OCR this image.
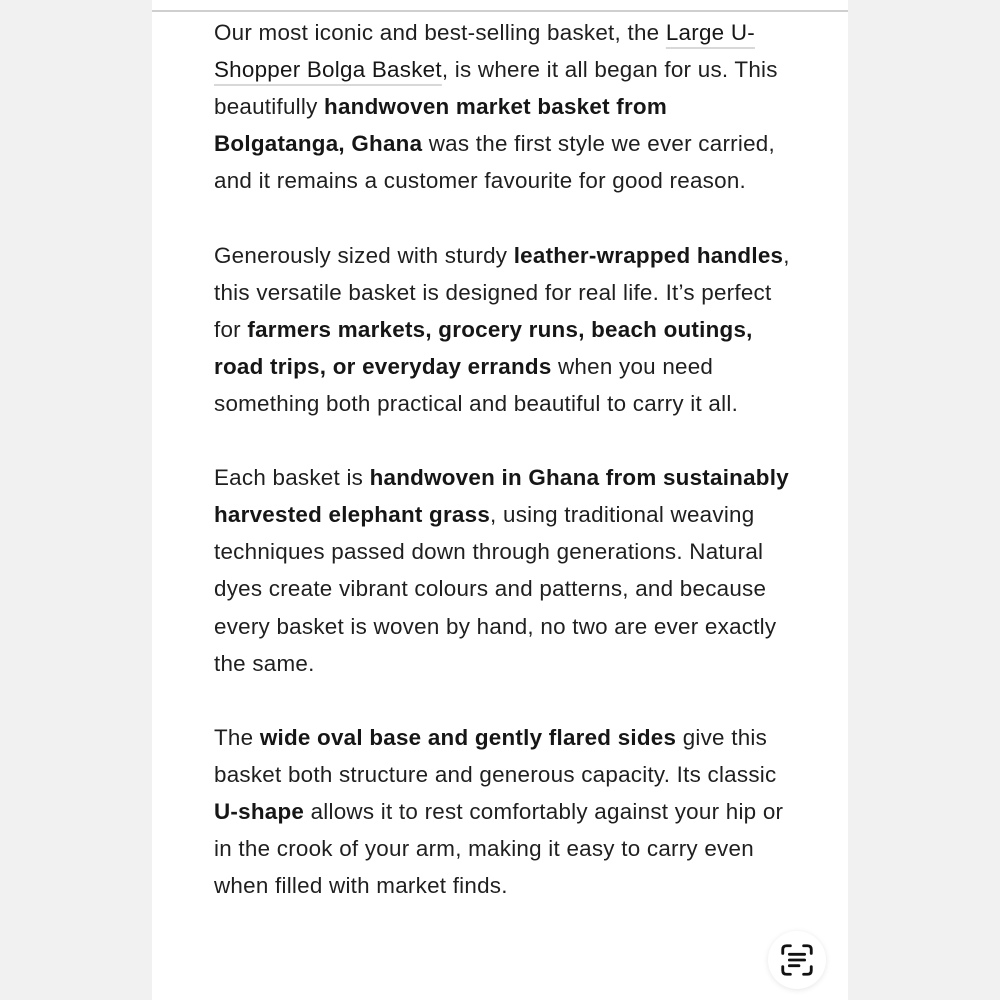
Our most iconic and best-selling basket, the Large U-Shopper Bolga Basket, is where it all began for us. This beautifully handwoven market basket from Bolgatanga, Ghana was the first style we ever carried, and it remains a customer favourite for good reason.

Generously sized with sturdy leather-wrapped handles, this versatile basket is designed for real life. It’s perfect for farmers markets, grocery runs, beach outings, road trips, or everyday errands when you need something both practical and beautiful to carry it all.

Each basket is handwoven in Ghana from sustainably harvested elephant grass, using traditional weaving techniques passed down through generations. Natural dyes create vibrant colours and patterns, and because every basket is woven by hand, no two are ever exactly the same.

The wide oval base and gently flared sides give this basket both structure and generous capacity. Its classic U-shape allows it to rest comfortably against your hip or in the crook of your arm, making it easy to carry even when filled with market finds.
